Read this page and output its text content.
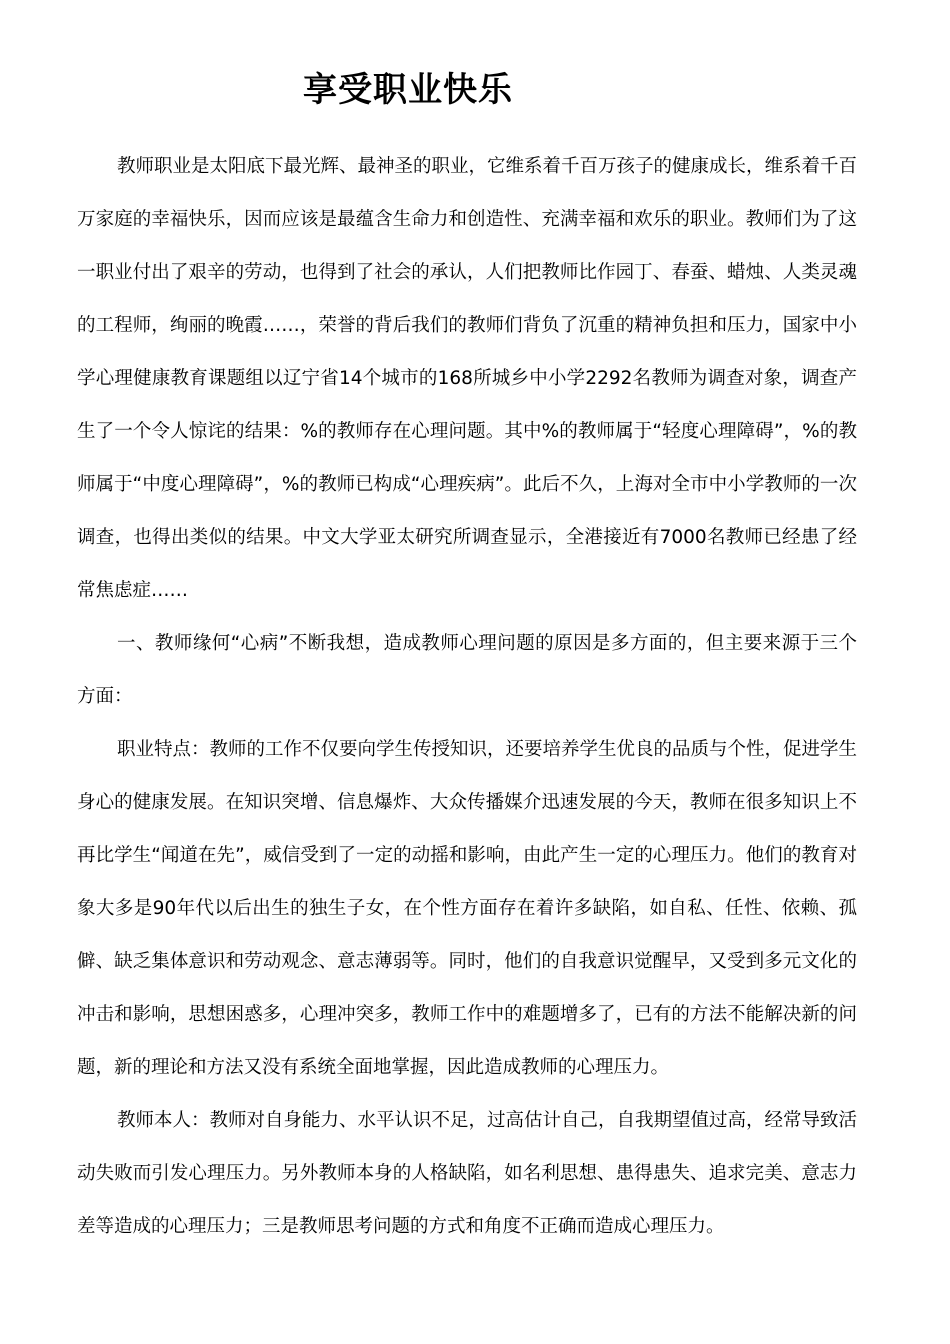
享受职业快乐

教师职业是太阳底下最光辉、最神圣的职业，它维系着千百万孩子的健康成长，维系着千百万家庭的幸福快乐，因而应该是最蕴含生命力和创造性、充满幸福和欢乐的职业。教师们为了这一职业付出了艰辛的劳动，也得到了社会的承认，人们把教师比作园丁、春蚕、蜡烛、人类灵魂的工程师，绚丽的晚霞……，荣誉的背后我们的教师们背负了沉重的精神负担和压力，国家中小学心理健康教育课题组以辽宁省14个城市的168所城乡中小学2292名教师为调查对象，调查产生了一个令人惊诧的结果：%的教师存在心理问题。其中%的教师属于“轻度心理障碍”，%的教师属于“中度心理障碍”，%的教师已构成“心理疾病”。此后不久，上海对全市中小学教师的一次调查，也得出类似的结果。中文大学亚太研究所调查显示，全港接近有7000名教师已经患了经常焦虑症……

一、教师缘何“心病”不断我想，造成教师心理问题的原因是多方面的，但主要来源于三个方面：

职业特点：教师的工作不仅要向学生传授知识，还要培养学生优良的品质与个性，促进学生身心的健康发展。在知识突增、信息爆炸、大众传播媒介迅速发展的今天，教师在很多知识上不再比学生“闻道在先”，威信受到了一定的动摇和影响，由此产生一定的心理压力。他们的教育对象大多是90年代以后出生的独生子女，在个性方面存在着许多缺陷，如自私、任性、依赖、孤僻、缺乏集体意识和劳动观念、意志薄弱等。同时，他们的自我意识觉醒早，又受到多元文化的冲击和影响，思想困惑多，心理冲突多，教师工作中的难题增多了，已有的方法不能解决新的问题，新的理论和方法又没有系统全面地掌握，因此造成教师的心理压力。

教师本人：教师对自身能力、水平认识不足，过高估计自己，自我期望值过高，经常导致活动失败而引发心理压力。另外教师本身的人格缺陷，如名利思想、患得患失、追求完美、意志力差等造成的心理压力；三是教师思考问题的方式和角度不正确而造成心理压力。
